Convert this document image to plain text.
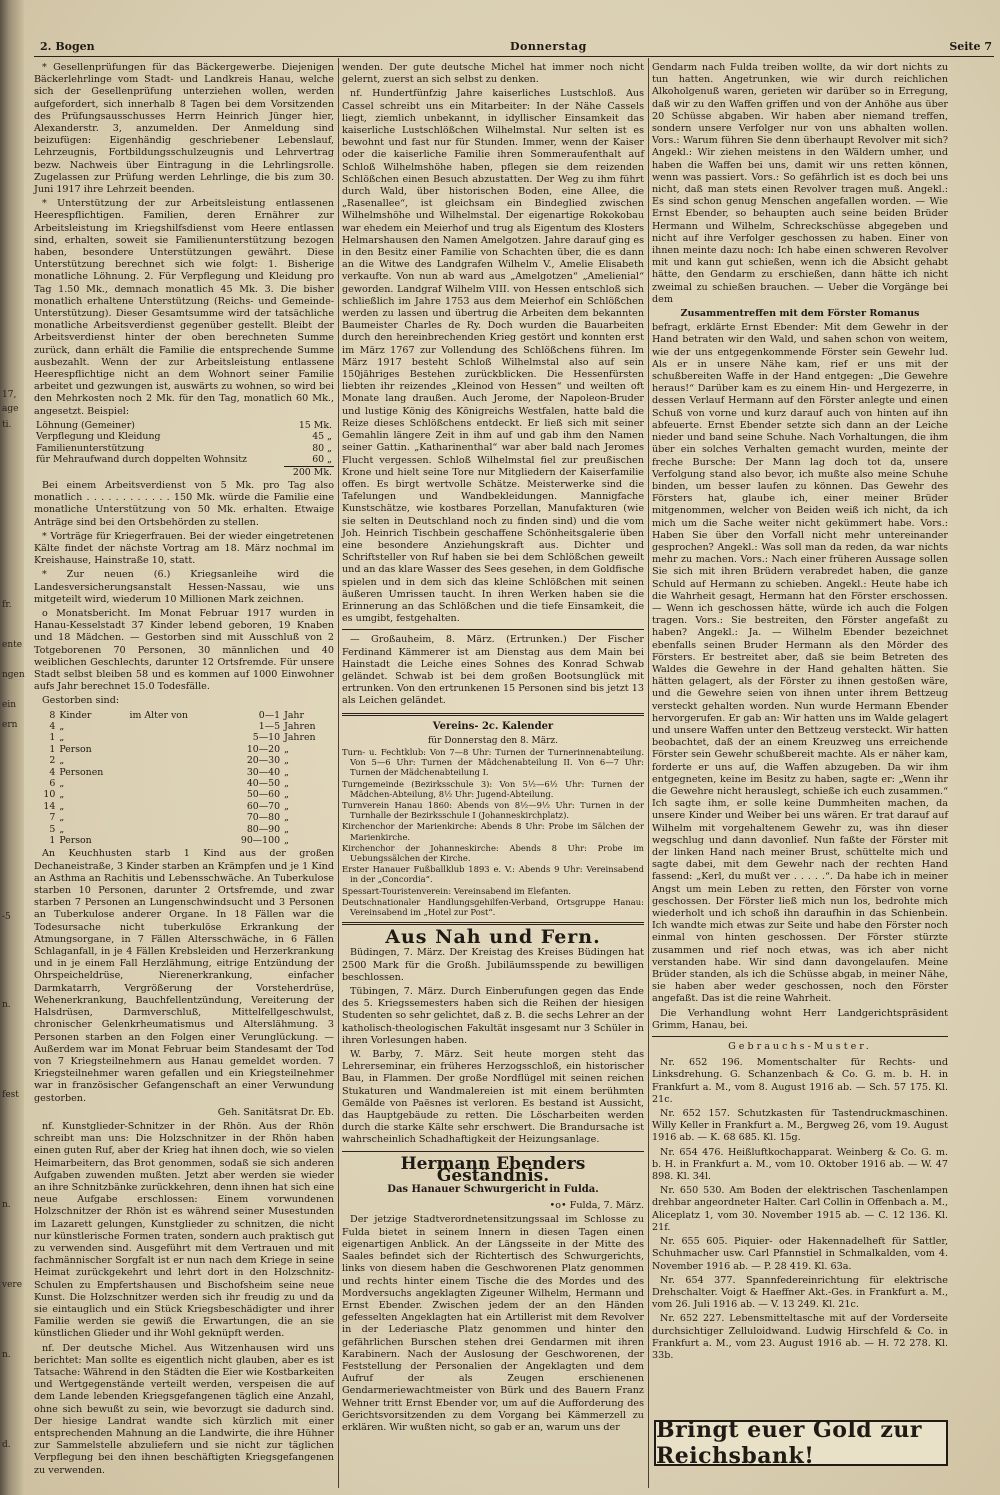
17,
age
ti.
fr.
ente
ngen
ein
ern
-5
n.
fest
n.
vere
n.
d.
2. Bogen	Donnerstag	Seite 7

* Gesellenprüfungen für das Bäckergewerbe. Diejenigen Bäckerlehrlinge vom Stadt- und Landkreis Hanau, welche sich der Gesellenprüfung unterziehen wollen, werden aufgefordert, sich innerhalb 8 Tagen bei dem Vorsitzenden des Prüfungsausschusses Herrn Heinrich Jünger hier, Alexanderstr. 3, anzumelden. Der Anmeldung sind beizufügen: Eigenhändig geschriebener Lebenslauf, Lehrzeugnis, Fortbildungsschulzeugnis und Lehrvertrag bezw. Nachweis über Eintragung in die Lehrlingsrolle. Zugelassen zur Prüfung werden Lehrlinge, die bis zum 30. Juni 1917 ihre Lehrzeit beenden.

* Unterstützung der zur Arbeitsleistung entlassenen Heerespflichtigen. Familien, deren Ernährer zur Arbeitsleistung im Kriegshilfsdienst vom Heere entlassen sind, erhalten, soweit sie Familienunterstützung bezogen haben, besondere Unterstützungen gewährt. Diese Unterstützung berechnet sich wie folgt: 1. Bisherige monatliche Löhnung. 2. Für Verpflegung und Kleidung pro Tag 1.50 Mk., demnach monatlich 45 Mk. 3. Die bisher monatlich erhaltene Unterstützung (Reichs- und Gemeinde-Unterstützung). Dieser Gesamtsumme wird der tatsächliche monatliche Arbeitsverdienst gegenüber gestellt. Bleibt der Arbeitsverdienst hinter der oben berechneten Summe zurück, dann erhält die Familie die entsprechende Summe ausbezahlt. Wenn der zur Arbeitsleistung entlassene Heerespflichtige nicht an dem Wohnort seiner Familie arbeitet und gezwungen ist, auswärts zu wohnen, so wird bei den Mehrkosten noch 2 Mk. für den Tag, monatlich 60 Mk., angesetzt. Beispiel:

Löhnung (Gemeiner)	15 Mk.
Verpflegung und Kleidung	45 „
Familienunterstützung	80 „
für Mehraufwand durch doppelten Wohnsitz	60 „
	200 Mk.

Bei einem Arbeitsverdienst von 5 Mk. pro Tag also monatlich . . . . . . . . . . . . 150 Mk. würde die Familie eine monatliche Unterstützung von 50 Mk. erhalten. Etwaige Anträge sind bei den Ortsbehörden zu stellen.

* Vorträge für Kriegerfrauen. Bei der wieder eingetretenen Kälte findet der nächste Vortrag am 18. März nochmal im Kreishause, Hainstraße 10, statt.

* Zur neuen (6.) Kriegsanleihe wird die Landesversicherungsanstalt Hessen-Nassau, wie uns mitgeteilt wird, wiederum 10 Millionen Mark zeichnen.

o Monatsbericht. Im Monat Februar 1917 wurden in Hanau-Kesselstadt 37 Kinder lebend geboren, 19 Knaben und 18 Mädchen. — Gestorben sind mit Ausschluß von 2 Totgeborenen 70 Personen, 30 männlichen und 40 weiblichen Geschlechts, darunter 12 Ortsfremde. Für unsere Stadt selbst bleiben 58 und es kommen auf 1000 Einwohner aufs Jahr berechnet 15.0 Todesfälle.

Gestorben sind:

8	Kinder	im Alter von	0—1	Jahr
4	„		1—5	Jahren
1	„		5—10	Jahren
1	Person		10—20	„
2	„		20—30	„
4	Personen		30—40	„
6	„		40—50	„
10	„		50—60	„
14	„		60—70	„
7	„		70—80	„
5	„		80—90	„
1	Person		90—100	„

An Keuchhusten starb 1 Kind aus der großen Dechaneistraße, 3 Kinder starben an Krämpfen und je 1 Kind an Asthma an Rachitis und Lebensschwäche. An Tuberkulose starben 10 Personen, darunter 2 Ortsfremde, und zwar starben 7 Personen an Lungenschwindsucht und 3 Personen an Tuberkulose anderer Organe. In 18 Fällen war die Todesursache nicht tuberkulöse Erkrankung der Atmungsorgane, in 7 Fällen Altersschwäche, in 6 Fällen Schlaganfall, in je 4 Fällen Krebsleiden und Herzerkrankung und in je einem Fall Herzlähmung, eitrige Entzündung der Ohrspeicheldrüse, Nierenerkrankung, einfacher Darmkatarrh, Vergrößerung der Vorsteherdrüse, Wehenerkrankung, Bauchfellentzündung, Vereiterung der Halsdrüsen, Darmverschluß, Mittelfellgeschwulst, chronischer Gelenkrheumatismus und Alterslähmung. 3 Personen starben an den Folgen einer Verunglückung. — Außerdem war im Monat Februar beim Standesamt der Tod von 7 Kriegsteilnehmern aus Hanau gemeldet worden. 7 Kriegsteilnehmer waren gefallen und ein Kriegsteilnehmer war in französischer Gefangenschaft an einer Verwundung gestorben.

Geh. Sanitätsrat Dr. Eb.

nf. Kunstglieder-Schnitzer in der Rhön. Aus der Rhön schreibt man uns: Die Holzschnitzer in der Rhön haben einen guten Ruf, aber der Krieg hat ihnen doch, wie so vielen Heimarbeitern, das Brot genommen, sodaß sie sich anderen Aufgaben zuwenden mußten. Jetzt aber werden sie wieder an ihre Schnitzbänke zurückkehren, denn ihnen hat sich eine neue Aufgabe erschlossen: Einem vorwundenen Holzschnitzer der Rhön ist es während seiner Musestunden im Lazarett gelungen, Kunstglieder zu schnitzen, die nicht nur künstlerische Formen traten, sondern auch praktisch gut zu verwenden sind. Ausgeführt mit dem Vertrauen und mit fachmännischer Sorgfalt ist er nun nach dem Kriege in seine Heimat zurückgekehrt und lehrt dort in den Holzschnitz-Schulen zu Empfertshausen und Bischofsheim seine neue Kunst. Die Holzschnitzer werden sich ihr freudig zu und da sie eintauglich und ein Stück Kriegsbeschädigter und ihrer Familie werden sie gewiß die Erwartungen, die an sie künstlichen Glieder und ihr Wohl geknüpft werden.

nf. Der deutsche Michel. Aus Witzenhausen wird uns berichtet: Man sollte es eigentlich nicht glauben, aber es ist Tatsache: Während in den Städten die Eier wie Kostbarkeiten und Wertgegenstände verteilt werden, verspeisen die auf dem Lande lebenden Kriegsgefangenen täglich eine Anzahl, ohne sich bewußt zu sein, wie bevorzugt sie dadurch sind. Der hiesige Landrat wandte sich kürzlich mit einer entsprechenden Mahnung an die Landwirte, die ihre Hühner zur Sammelstelle abzuliefern und sie nicht zur täglichen Verpflegung bei den ihnen beschäftigten Kriegsgefangenen zu verwenden.

wenden. Der gute deutsche Michel hat immer noch nicht gelernt, zuerst an sich selbst zu denken.

nf. Hundertfünfzig Jahre kaiserliches Lustschloß. Aus Cassel schreibt uns ein Mitarbeiter: In der Nähe Cassels liegt, ziemlich unbekannt, in idyllischer Einsamkeit das kaiserliche Lustschlößchen Wilhelmstal. Nur selten ist es bewohnt und fast nur für Stunden. Immer, wenn der Kaiser oder die kaiserliche Familie ihren Sommeraufenthalt auf Schloß Wilhelmshöhe haben, pflegen sie dem reizenden Schlößchen einen Besuch abzustatten. Der Weg zu ihm führt durch Wald, über historischen Boden, eine Allee, die „Rasenallee“, ist gleichsam ein Bindeglied zwischen Wilhelmshöhe und Wilhelmstal. Der eigenartige Rokokobau war ehedem ein Meierhof und trug als Eigentum des Klosters Helmarshausen den Namen Amelgotzen. Jahre darauf ging es in den Besitz einer Familie von Schachten über, die es dann an die Witwe des Landgrafen Wilhelm V., Amelie Elisabeth verkaufte. Von nun ab ward aus „Amelgotzen“ „Amelienial“ geworden. Landgraf Wilhelm VIII. von Hessen entschloß sich schließlich im Jahre 1753 aus dem Meierhof ein Schlößchen werden zu lassen und übertrug die Arbeiten dem bekannten Baumeister Charles de Ry. Doch wurden die Bauarbeiten durch den hereinbrechenden Krieg gestört und konnten erst im März 1767 zur Vollendung des Schlößchens führen. Im März 1917 besteht Schloß Wilhelmstal also auf sein 150jähriges Bestehen zurückblicken. Die Hessenfürsten liebten ihr reizendes „Kleinod von Hessen“ und weilten oft Monate lang draußen. Auch Jerome, der Napoleon-Bruder und lustige König des Königreichs Westfalen, hatte bald die Reize dieses Schlößchens entdeckt. Er ließ sich mit seiner Gemahlin längere Zeit in ihm auf und gab ihm den Namen seiner Gattin. „Katharinenthal“ war aber bald nach Jeromes Flucht vergessen. Schloß Wilhelmstal fiel zur preußischen Krone und hielt seine Tore nur Mitgliedern der Kaiserfamilie offen. Es birgt wertvolle Schätze. Meisterwerke sind die Tafelungen und Wandbekleidungen. Mannigfache Kunstschätze, wie kostbares Porzellan, Manufakturen (wie sie selten in Deutschland noch zu finden sind) und die vom Joh. Heinrich Tischbein geschaffene Schönheitsgalerie üben eine besondere Anziehungskraft aus. Dichter und Schriftsteller von Ruf haben sie bei dem Schlößchen geweilt und an das klare Wasser des Sees gesehen, in dem Goldfische spielen und in dem sich das kleine Schlößchen mit seinen äußeren Umrissen taucht. In ihren Werken haben sie die Erinnerung an das Schlößchen und die tiefe Einsamkeit, die es umgibt, festgehalten.

— Großauheim, 8. März. (Ertrunken.) Der Fischer Ferdinand Kämmerer ist am Dienstag aus dem Main bei Hainstadt die Leiche eines Sohnes des Konrad Schwab geländet. Schwab ist bei dem großen Bootsunglück mit ertrunken. Von den ertrunkenen 15 Personen sind bis jetzt 13 als Leichen geländet.

Vereins- 2c. Kalender
für Donnerstag den 8. März.

Turn- u. Fechtklub: Von 7—8 Uhr: Turnen der Turnerinnenabteilung. Von 5—6 Uhr: Turnen der Mädchenabteilung II. Von 6—7 Uhr: Turnen der Mädchenabteilung I.

Turngemeinde (Bezirksschule 3): Von 5½—6½ Uhr: Turnen der Mädchen-Abteilung, 8½ Uhr: Jugend-Abteilung.

Turnverein Hanau 1860: Abends von 8½—9½ Uhr: Turnen in der Turnhalle der Bezirksschule I (Johanneskirchplatz).

Kirchenchor der Marienkirche: Abends 8 Uhr: Probe im Sälchen der Marienkirche.

Kirchenchor der Johanneskirche: Abends 8 Uhr: Probe im Uebungssälchen der Kirche.

Erster Hanauer Fußballklub 1893 e. V.: Abends 9 Uhr: Vereinsabend in der „Concordia“.

Spessart-Touristenverein: Vereinsabend im Elefanten.

Deutschnationaler Handlungsgehilfen-Verband, Ortsgruppe Hanau: Vereinsabend im „Hotel zur Post“.

Aus Nah und Fern.

Büdingen, 7. März. Der Kreistag des Kreises Büdingen hat 2500 Mark für die Großh. Jubiläumsspende zu bewilligen beschlossen.

Tübingen, 7. März. Durch Einberufungen gegen das Ende des 5. Kriegssemesters haben sich die Reihen der hiesigen Studenten so sehr gelichtet, daß z. B. die sechs Lehrer an der katholisch-theologischen Fakultät insgesamt nur 3 Schüler in ihren Vorlesungen haben.

W. Barby, 7. März. Seit heute morgen steht das Lehrerseminar, ein früheres Herzogsschloß, ein historischer Bau, in Flammen. Der große Nordflügel mit seinen reichen Stukaturen und Wandmalereien ist mit einem berühmten Gemälde von Paësnes ist verloren. Es bestand ist Aussicht, das Hauptgebäude zu retten. Die Löscharbeiten werden durch die starke Kälte sehr erschwert. Die Brandursache ist wahrscheinlich Schadhaftigkeit der Heizungsanlage.

Hermann Ebenders Geständnis.
Das Hanauer Schwurgericht in Fulda.

•o• Fulda, 7. März.

Der jetzige Stadtverordnetensitzungssaal im Schlosse zu Fulda bietet in seinem Innern in diesen Tagen einen eigenartigen Anblick. An der Längsseite in der Mitte des Saales befindet sich der Richtertisch des Schwurgerichts, links von diesem haben die Geschworenen Platz genommen und rechts hinter einem Tische die des Mordes und des Mordversuchs angeklagten Zigeuner Wilhelm, Hermann und Ernst Ebender. Zwischen jedem der an den Händen gefesselten Angeklagten hat ein Artillerist mit dem Revolver in der Lederiasche Platz genommen und hinter den gefährlichen Burschen stehen drei Gendarmen mit ihren Karabinern. Nach der Auslosung der Geschworenen, der Feststellung der Personalien der Angeklagten und dem Aufruf der als Zeugen erschienenen Gendarmeriewachtmeister von Bürk und des Bauern Franz Wehner tritt Ernst Ebender vor, um auf die Aufforderung des Gerichtsvorsitzenden zu dem Vorgang bei Kämmerzell zu erklären. Wir wußten nicht, so gab er an, warum uns der

Gendarm nach Fulda treiben wollte, da wir dort nichts zu tun hatten. Angetrunken, wie wir durch reichlichen Alkoholgenuß waren, gerieten wir darüber so in Erregung, daß wir zu den Waffen griffen und von der Anhöhe aus über 20 Schüsse abgaben. Wir haben aber niemand treffen, sondern unsere Verfolger nur von uns abhalten wollen. Vors.: Warum führen Sie denn überhaupt Revolver mit sich? Angekl.: Wir ziehen meistens in den Wäldern umher, und haben die Waffen bei uns, damit wir uns retten können, wenn was passiert. Vors.: So gefährlich ist es doch bei uns nicht, daß man stets einen Revolver tragen muß. Angekl.: Es sind schon genug Menschen angefallen worden. — Wie Ernst Ebender, so behaupten auch seine beiden Brüder Hermann und Wilhelm, Schreckschüsse abgegeben und nicht auf ihre Verfolger geschossen zu haben. Einer von ihnen meinte dazu noch: Ich habe einen schweren Revolver mit und kann gut schießen, wenn ich die Absicht gehabt hätte, den Gendarm zu erschießen, dann hätte ich nicht zweimal zu schießen brauchen. — Ueber die Vorgänge bei dem

Zusammentreffen mit dem Förster Romanus

befragt, erklärte Ernst Ebender: Mit dem Gewehr in der Hand betraten wir den Wald, und sahen schon von weitem, wie der uns entgegenkommende Förster sein Gewehr lud. Als er in unsere Nähe kam, rief er uns mit der schußbereiten Waffe in der Hand entgegen: „Die Gewehre heraus!“ Darüber kam es zu einem Hin- und Hergezerre, in dessen Verlauf Hermann auf den Förster anlegte und einen Schuß von vorne und kurz darauf auch von hinten auf ihn abfeuerte. Ernst Ebender setzte sich dann an der Leiche nieder und band seine Schuhe. Nach Vorhaltungen, die ihm über ein solches Verhalten gemacht wurden, meinte der freche Bursche: Der Mann lag doch tot da, unsere Verfolgung stand also bevor, ich mußte also meine Schuhe binden, um besser laufen zu können. Das Gewehr des Försters hat, glaube ich, einer meiner Brüder mitgenommen, welcher von Beiden weiß ich nicht, da ich mich um die Sache weiter nicht gekümmert habe. Vors.: Haben Sie über den Vorfall nicht mehr untereinander gesprochen? Angekl.: Was soll man da reden, da war nichts mehr zu machen. Vors.: Nach einer früheren Aussage sollen Sie sich mit ihren Brüdern verabredet haben, die ganze Schuld auf Hermann zu schieben. Angekl.: Heute habe ich die Wahrheit gesagt, Hermann hat den Förster erschossen. — Wenn ich geschossen hätte, würde ich auch die Folgen tragen. Vors.: Sie bestreiten, den Förster angefaßt zu haben? Angekl.: Ja. — Wilhelm Ebender bezeichnet ebenfalls seinen Bruder Hermann als den Mörder des Försters. Er bestreitet aber, daß sie beim Betreten des Waldes die Gewehre in der Hand gehalten hätten. Sie hätten gelagert, als der Förster zu ihnen gestoßen wäre, und die Gewehre seien von ihnen unter ihrem Bettzeug versteckt gehalten worden. Nun wurde Hermann Ebender hervorgerufen. Er gab an: Wir hatten uns im Walde gelagert und unsere Waffen unter den Bettzeug versteckt. Wir hatten beobachtet, daß der an einem Kreuzweg uns erreichende Förster sein Gewehr schußbereit machte. Als er näher kam, forderte er uns auf, die Waffen abzugeben. Da wir ihm entgegneten, keine im Besitz zu haben, sagte er: „Wenn ihr die Gewehre nicht herauslegt, schieße ich euch zusammen.“ Ich sagte ihm, er solle keine Dummheiten machen, da unsere Kinder und Weiber bei uns wären. Er trat darauf auf Wilhelm mit vorgehaltenem Gewehr zu, was ihn dieser wegschlug und dann davonlief. Nun faßte der Förster mit der linken Hand nach meiner Brust, schüttelte mich und sagte dabei, mit dem Gewehr nach der rechten Hand fassend: „Kerl, du mußt ver . . . . .“. Da habe ich in meiner Angst um mein Leben zu retten, den Förster von vorne geschossen. Der Förster ließ mich nun los, bedrohte mich wiederholt und ich schoß ihn daraufhin in das Schienbein. Ich wandte mich etwas zur Seite und habe den Förster noch einmal von hinten geschossen. Der Förster stürzte zusammen und rief noch etwas, was ich aber nicht verstanden habe. Wir sind dann davongelaufen. Meine Brüder standen, als ich die Schüsse abgab, in meiner Nähe, sie haben aber weder geschossen, noch den Förster angefaßt. Das ist die reine Wahrheit.

Die Verhandlung wohnt Herr Landgerichtspräsident Grimm, Hanau, bei.

Gebrauchs-Muster.

Nr. 652 196. Momentschalter für Rechts- und Linksdrehung. G. Schanzenbach & Co. G. m. b. H. in Frankfurt a. M., vom 8. August 1916 ab. — Sch. 57 175. Kl. 21c.

Nr. 652 157. Schutzkasten für Tastendruckmaschinen. Willy Keller in Frankfurt a. M., Bergweg 26, vom 19. August 1916 ab. — K. 68 685. Kl. 15g.

Nr. 654 476. Heißluftkochapparat. Weinberg & Co. G. m. b. H. in Frankfurt a. M., vom 10. Oktober 1916 ab. — W. 47 898. Kl. 34l.

Nr. 650 530. Am Boden der elektrischen Taschenlampen drehbar angeordneter Halter. Carl Collin in Offenbach a. M., Aliceplatz 1, vom 30. November 1915 ab. — C. 12 136. Kl. 21f.

Nr. 655 605. Piquier- oder Hakennadelheft für Sattler, Schuhmacher usw. Carl Pfannstiel in Schmalkalden, vom 4. November 1916 ab. — P. 28 419. Kl. 63a.

Nr. 654 377. Spannfedereinrichtung für elektrische Drehschalter. Voigt & Haeffner Akt.-Ges. in Frankfurt a. M., vom 26. Juli 1916 ab. — V. 13 249. Kl. 21c.

Nr. 652 227. Lebensmitteltasche mit auf der Vorderseite durchsichtiger Zelluloidwand. Ludwig Hirschfeld & Co. in Frankfurt a. M., vom 23. August 1916 ab. — H. 72 278. Kl. 33b.

Bringt euer Gold zur Reichsbank!
